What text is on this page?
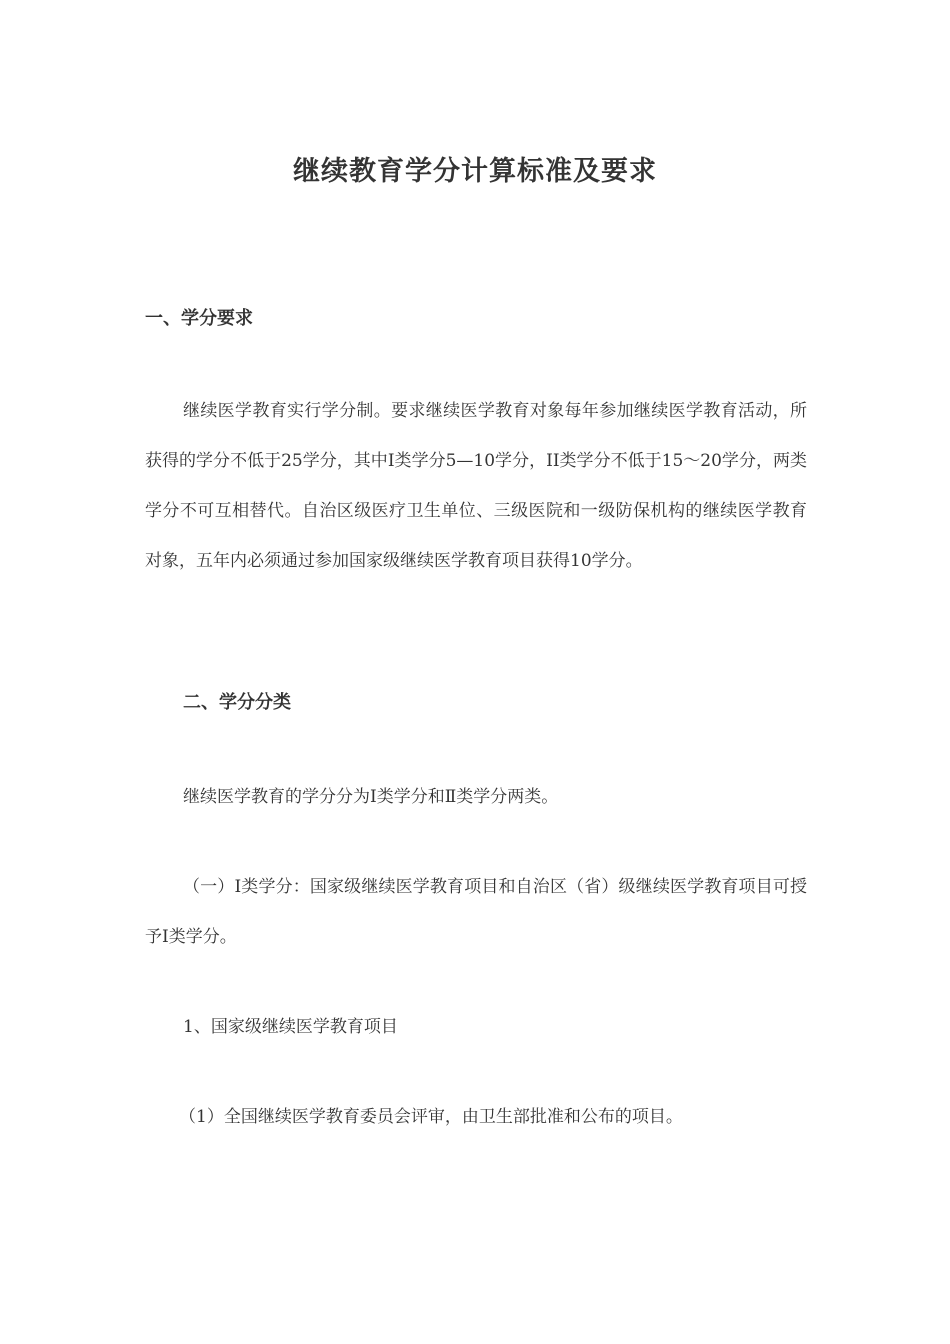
继续教育学分计算标准及要求
一、学分要求

继续医学教育实行学分制。要求继续医学教育对象每年参加继续医学教育活动，所获得的学分不低于25学分，其中I类学分5—10学分，II类学分不低于15～20学分，两类学分不可互相替代。自治区级医疗卫生单位、三级医院和一级防保机构的继续医学教育对象，五年内必须通过参加国家级继续医学教育项目获得10学分。

二、学分分类

继续医学教育的学分分为Ⅰ类学分和Ⅱ类学分两类。

（一）Ⅰ类学分：国家级继续医学教育项目和自治区（省）级继续医学教育项目可授予I类学分。

1、国家级继续医学教育项目

（1）全国继续医学教育委员会评审，由卫生部批准和公布的项目。
